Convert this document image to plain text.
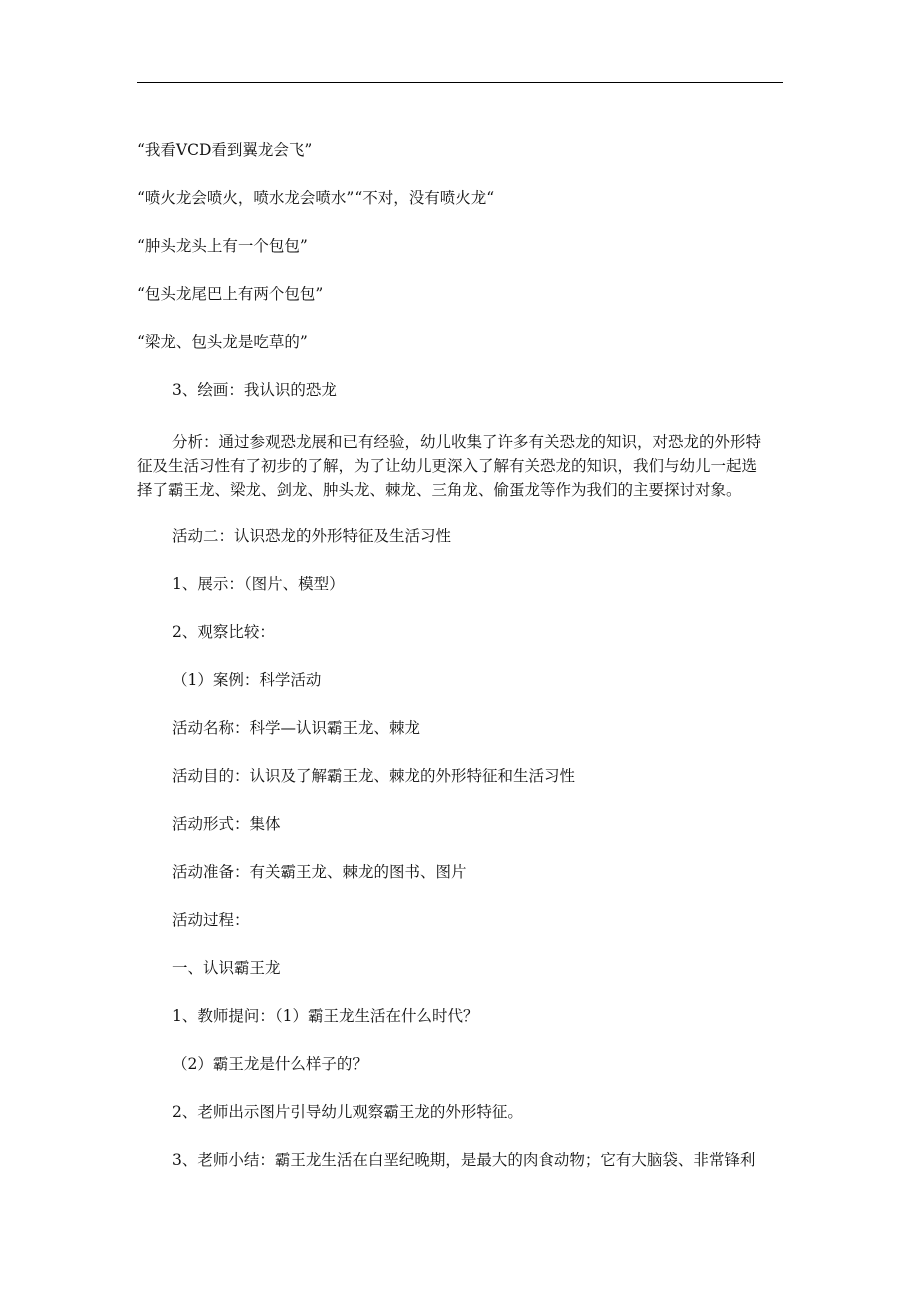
“我看VCD看到翼龙会飞”

“喷火龙会喷火，喷水龙会喷水”“不对，没有喷火龙“

“肿头龙头上有一个包包”

“包头龙尾巴上有两个包包”

“梁龙、包头龙是吃草的”

3、绘画：我认识的恐龙

分析：通过参观恐龙展和已有经验，幼儿收集了许多有关恐龙的知识，对恐龙的外形特
征及生活习性有了初步的了解，为了让幼儿更深入了解有关恐龙的知识，我们与幼儿一起选
择了霸王龙、梁龙、剑龙、肿头龙、棘龙、三角龙、偷蛋龙等作为我们的主要探讨对象。

活动二：认识恐龙的外形特征及生活习性

1、展示：（图片、模型）

2、观察比较：

（1）案例：科学活动

活动名称：科学—认识霸王龙、棘龙

活动目的：认识及了解霸王龙、棘龙的外形特征和生活习性

活动形式：集体

活动准备：有关霸王龙、棘龙的图书、图片

活动过程：

一、认识霸王龙

1、教师提问：（1）霸王龙生活在什么时代？

（2）霸王龙是什么样子的？

2、老师出示图片引导幼儿观察霸王龙的外形特征。

3、老师小结：霸王龙生活在白垩纪晚期，是最大的肉食动物；它有大脑袋、非常锋利
